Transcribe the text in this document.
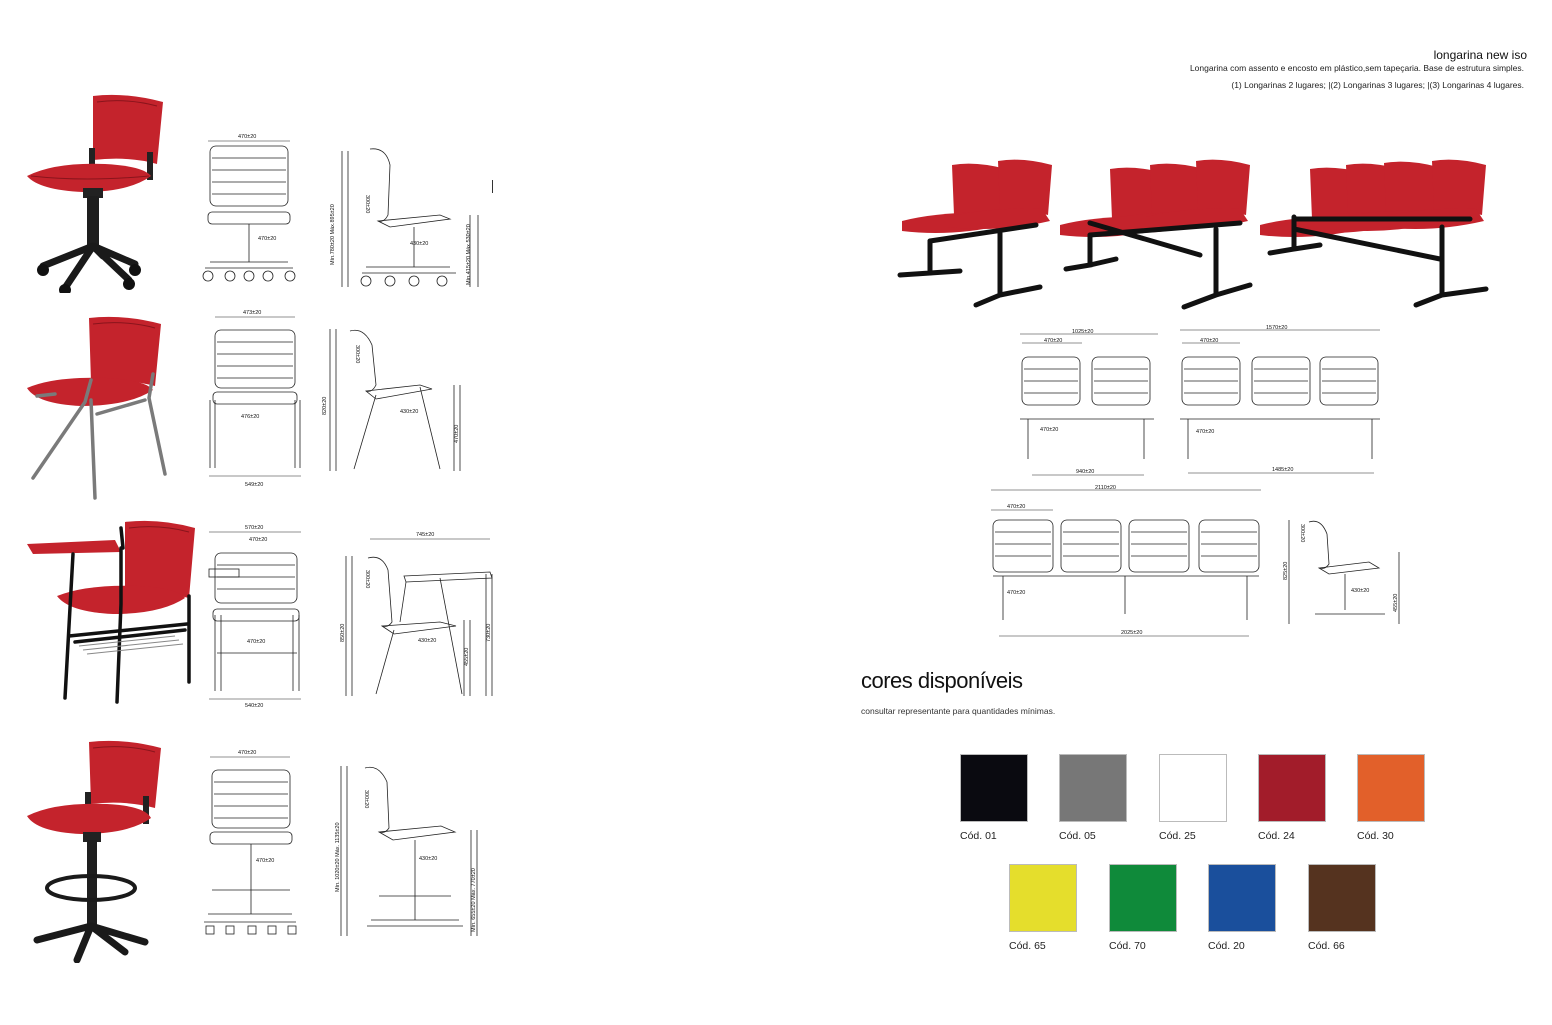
470±20
470±20
300±20
Mín.780±20 Máx.895±20	430±20	Mín.415±20 Máx.530±20
473±20
476±20
549±20
300±20
820±20	430±20
470±20
570±20
470±20
470±20
540±20
745±20
300±20
850±20	430±20
455±20
730±20
470±20
470±20
300±20
Mín. 1020±20 Máx. 1135±20	430±20
Mín. 655±20 Máx. 770±20
longarina new iso
Longarina com assento e encosto em plástico,sem tapeçaria. Base de estrutura simples.
(1) Longarinas 2 lugares; |(2) Longarinas 3 lugares; |(3) Longarinas 4 lugares.
1025±20
470±20
1570±20
470±20
470±20	470±20
940±20	1485±20
2110±20
470±20
470±20
2025±20
300±20
825±20
430±20
455±20
cores disponíveis
consultar representante para quantidades mínimas.
Cód. 01	Cód. 05	Cód. 25	Cód. 24	Cód. 30
Cód. 65	Cód. 70	Cód. 20	Cód. 66
